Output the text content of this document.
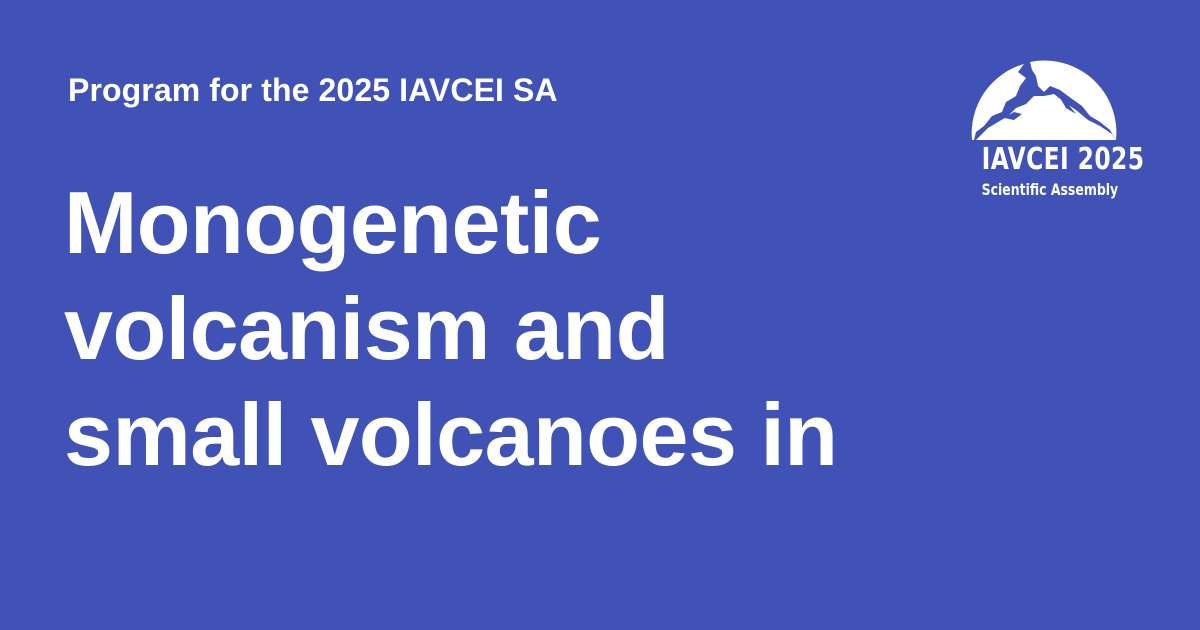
Program for the 2025 IAVCEI SA
Monogenetic
volcanism and
small volcanoes in
IAVCEI 2025
Scientific Assembly
